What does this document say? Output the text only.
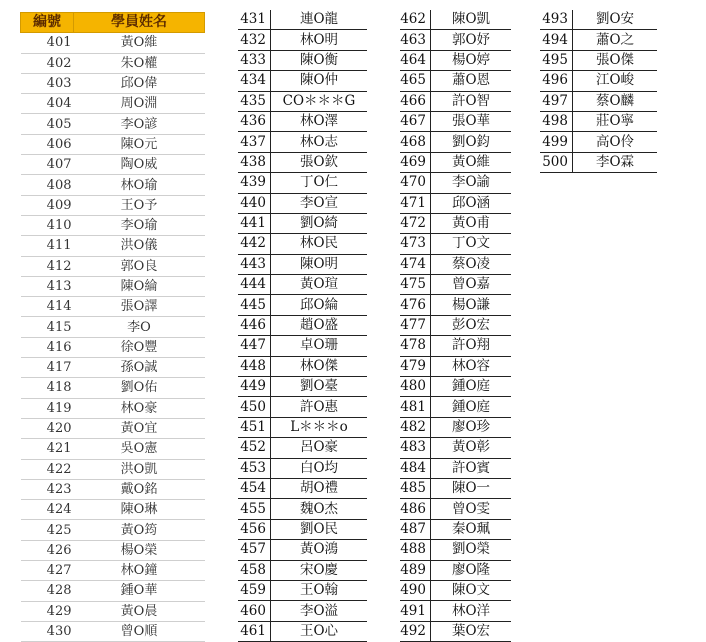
編號	學員姓名
401	黃O維
402	朱O權
403	邱O偉
404	周O淵
405	李O諺
406	陳O元
407	陶O威
408	林O瑜
409	王O予
410	李O瑜
411	洪O儀
412	郭O良
413	陳O綸
414	張O譯
415	李O
416	徐O豐
417	孫O誠
418	劉O佑
419	林O豪
420	黃O宜
421	吳O憲
422	洪O凱
423	戴O銘
424	陳O琳
425	黃O筠
426	楊O榮
427	林O鐘
428	鍾O華
429	黃O晨
430	曾O順
431	連O龍
432	林O明
433	陳O衡
434	陳O仲
435	CO＊＊＊G
436	林O澤
437	林O志
438	張O欽
439	丁O仁
440	李O宣
441	劉O綺
442	林O民
443	陳O明
444	黃O瑄
445	邱O綸
446	趙O盛
447	卓O珊
448	林O傑
449	劉O臺
450	許O惠
451	L＊＊＊o
452	呂O豪
453	白O均
454	胡O禮
455	魏O杰
456	劉O民
457	黃O鴻
458	宋O慶
459	王O翰
460	李O溢
461	王O心
462	陳O凱
463	郭O妤
464	楊O婷
465	蕭O恩
466	許O智
467	張O華
468	劉O鈞
469	黃O維
470	李O諭
471	邱O涵
472	黃O甫
473	丁O文
474	蔡O凌
475	曾O嘉
476	楊O謙
477	彭O宏
478	許O翔
479	林O容
480	鍾O庭
481	鍾O庭
482	廖O珍
483	黃O彰
484	許O賓
485	陳O一
486	曾O雯
487	秦O珮
488	劉O榮
489	廖O隆
490	陳O文
491	林O洋
492	葉O宏
493	劉O安
494	蕭O之
495	張O傑
496	江O峻
497	蔡O麟
498	莊O寧
499	高O伶
500	李O霖
